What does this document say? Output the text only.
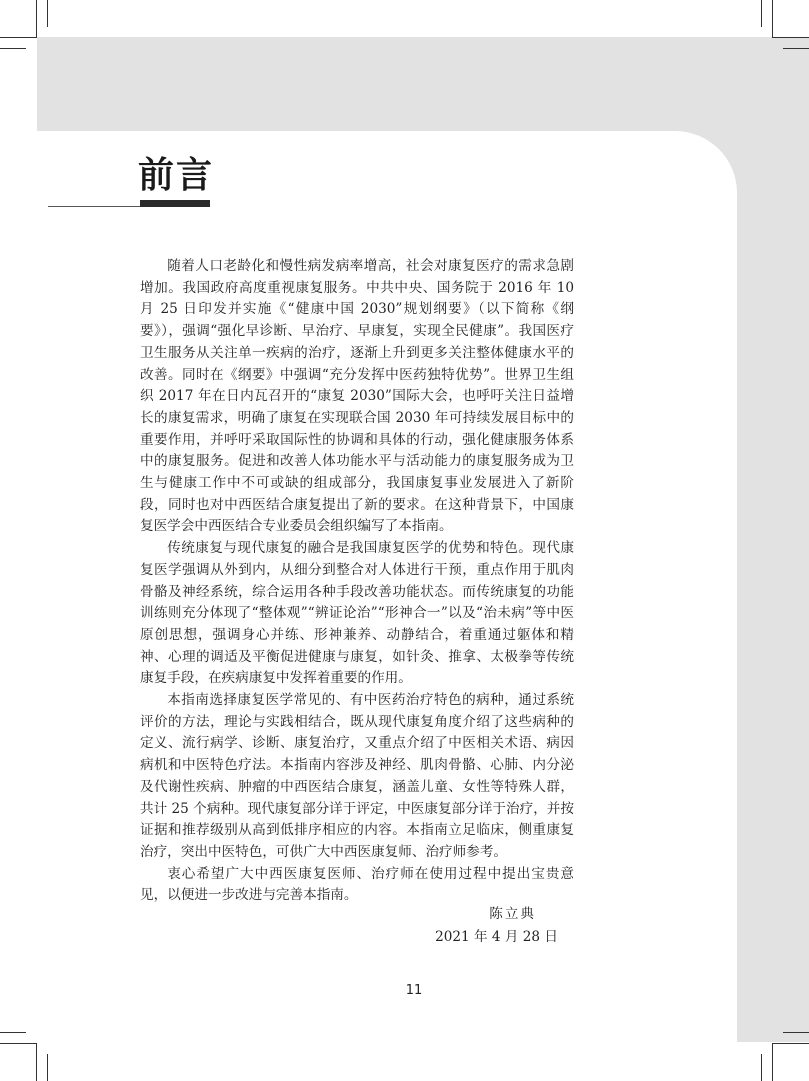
前言

随着人口老龄化和慢性病发病率增高，社会对康复医疗的需求急剧增加。我国政府高度重视康复服务。中共中央、国务院于 2016 年 10 月 25 日印发并实施《“健康中国 2030”规划纲要》（以下简称《纲要》），强调“强化早诊断、早治疗、早康复，实现全民健康”。我国医疗卫生服务从关注单一疾病的治疗，逐渐上升到更多关注整体健康水平的改善。同时在《纲要》中强调“充分发挥中医药独特优势”。世界卫生组织 2017 年在日内瓦召开的“康复 2030”国际大会，也呼吁关注日益增长的康复需求，明确了康复在实现联合国 2030 年可持续发展目标中的重要作用，并呼吁采取国际性的协调和具体的行动，强化健康服务体系中的康复服务。促进和改善人体功能水平与活动能力的康复服务成为卫生与健康工作中不可或缺的组成部分，我国康复事业发展进入了新阶段，同时也对中西医结合康复提出了新的要求。在这种背景下，中国康复医学会中西医结合专业委员会组织编写了本指南。

传统康复与现代康复的融合是我国康复医学的优势和特色。现代康复医学强调从外到内，从细分到整合对人体进行干预，重点作用于肌肉骨骼及神经系统，综合运用各种手段改善功能状态。而传统康复的功能训练则充分体现了“整体观”“辨证论治”“形神合一”以及“治未病”等中医原创思想，强调身心并练、形神兼养、动静结合，着重通过躯体和精神、心理的调适及平衡促进健康与康复，如针灸、推拿、太极拳等传统康复手段，在疾病康复中发挥着重要的作用。

本指南选择康复医学常见的、有中医药治疗特色的病种，通过系统评价的方法，理论与实践相结合，既从现代康复角度介绍了这些病种的定义、流行病学、诊断、康复治疗，又重点介绍了中医相关术语、病因病机和中医特色疗法。本指南内容涉及神经、肌肉骨骼、心肺、内分泌及代谢性疾病、肿瘤的中西医结合康复，涵盖儿童、女性等特殊人群，共计 25 个病种。现代康复部分详于评定，中医康复部分详于治疗，并按证据和推荐级别从高到低排序相应的内容。本指南立足临床，侧重康复治疗，突出中医特色，可供广大中西医康复师、治疗师参考。

衷心希望广大中西医康复医师、治疗师在使用过程中提出宝贵意见，以便进一步改进与完善本指南。

陈立典
2021 年 4 月 28 日
11
